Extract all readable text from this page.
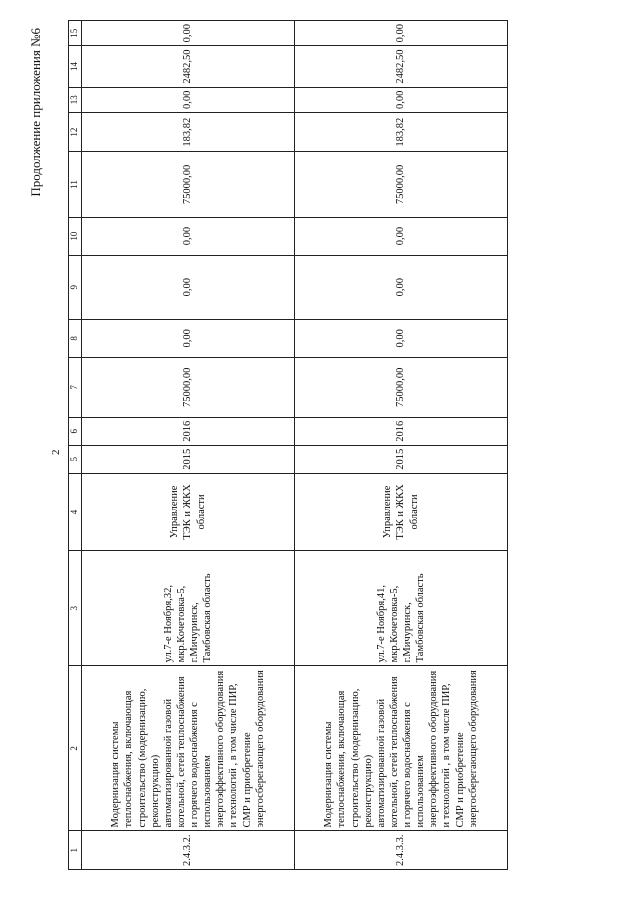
Продолжение приложения №6
2
1	2	3	4	5	6	7	8	9	10	11	12	13	14	15
2.4.3.2.	Модернизация системы теплоснабжения, включающая строительство (модернизацию, реконструкцию) автоматизированной газовой котельной, сетей теплоснабжения и горячего водоснабжения с использованием энергоэффективного оборудования и технологий , в том числе ПИР, СМР и приобретение энергосберегающего оборудования	ул.7-е Ноября,32, мкр.Кочетовка-5, г.Мичуринск, Тамбовская область	Управление ТЭК и ЖКХ области	2015	2016	75000,00	0,00	0,00	0,00	75000,00	183,82	0,00	2482,50	0,00
2.4.3.3.	Модернизация системы теплоснабжения, включающая строительство (модернизацию, реконструкцию) автоматизированной газовой котельной, сетей теплоснабжения и горячего водоснабжения с использованием энергоэффективного оборудования и технологий , в том числе ПИР, СМР и приобретение энергосберегающего оборудования	ул.7-е Ноября,41, мкр.Кочетовка-5, г.Мичуринск, Тамбовская область	Управление ТЭК и ЖКХ области	2015	2016	75000,00	0,00	0,00	0,00	75000,00	183,82	0,00	2482,50	0,00
